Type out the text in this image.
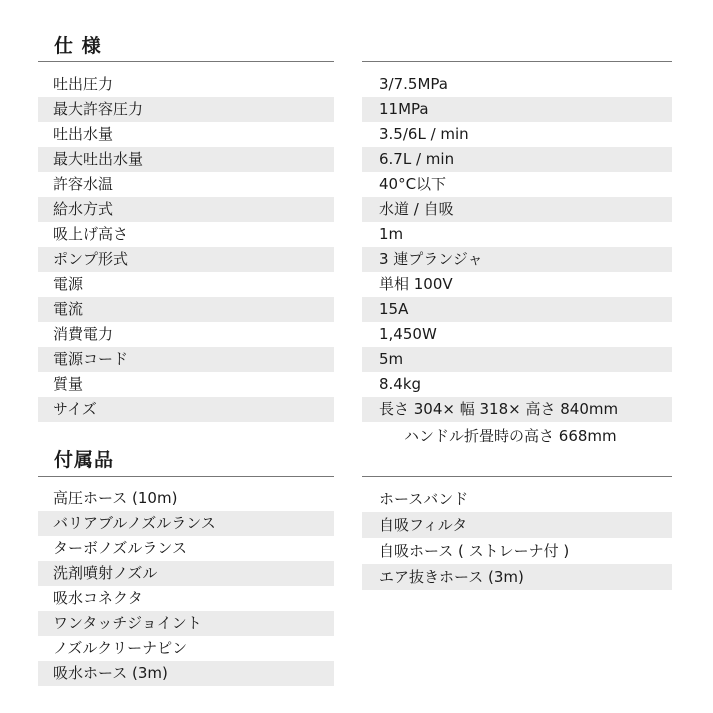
仕 様
吐出圧力
最大許容圧力
吐出水量
最大吐出水量
許容水温
給水方式
吸上げ高さ
ポンプ形式
電源
電流
消費電力
電源コード
質量
サイズ
3/7.5MPa
11MPa
3.5/6L / min
6.7L / min
40°C以下
水道 / 自吸
1m
3 連プランジャ
単相 100V
15A
1,450W
5m
8.4kg
長さ 304× 幅 318× 高さ 840mm
ハンドル折畳時の高さ 668mm
付属品
高圧ホース (10m)
バリアブルノズルランス
ターボノズルランス
洗剤噴射ノズル
吸水コネクタ
ワンタッチジョイント
ノズルクリーナピン
吸水ホース (3m)
ホースバンド
自吸フィルタ
自吸ホース ( ストレーナ付 )
エア抜きホース (3m)
